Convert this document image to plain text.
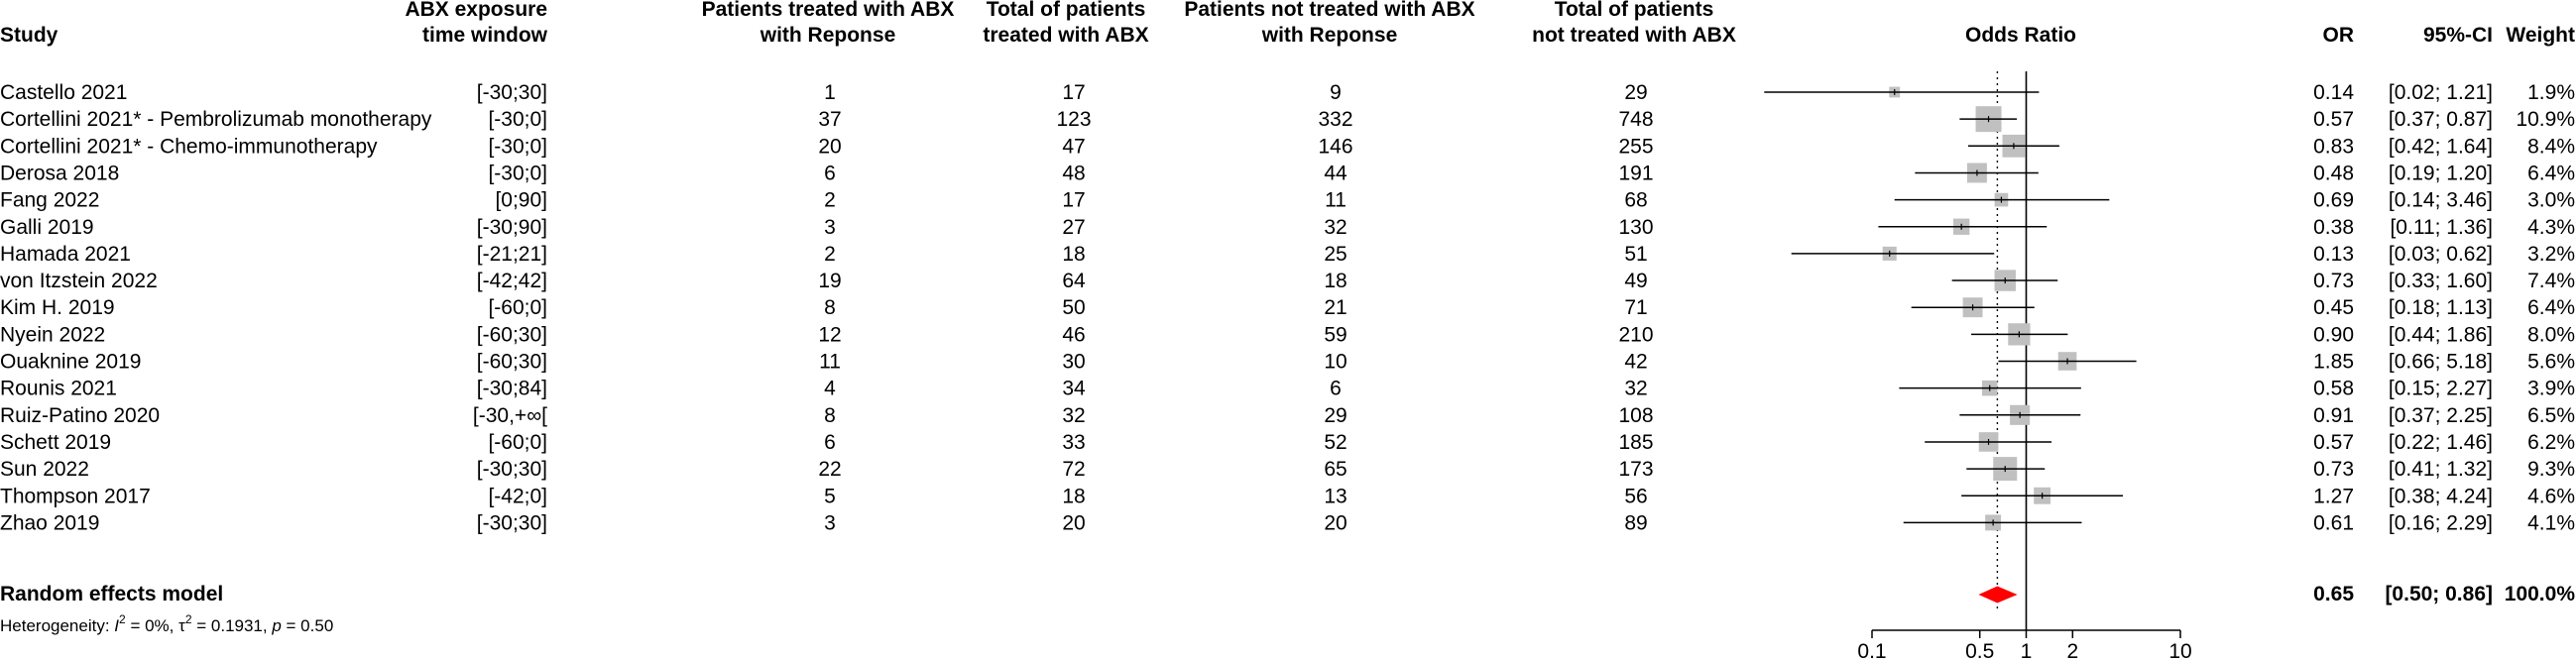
Study
ABX exposure
time window
Patients treated with ABX
with Reponse
Total of patients
treated with ABX
Patients not treated with ABX
with Reponse
Total of patients
not treated with ABX	Odds Ratio	OR	95%-CI Weight
Castello 2021	[-30;30]	1	17	9	29	0.14 [0.02; 1.21] 1.9%
Cortellini 2021* - Pembrolizumab monotherapy	[-30;0]	37	123	332	748	0.57 [0.37; 0.87] 10.9%
Cortellini 2021* - Chemo-immunotherapy	[-30;0]	20	47	146	255	0.83 [0.42; 1.64] 8.4%
Derosa 2018	[-30;0]	6	48	44	191	0.48 [0.19; 1.20] 6.4%
Fang 2022	[0;90]	2	17	11	68	0.69 [0.14; 3.46] 3.0%
Galli 2019	[-30;90]	3	27	32	130	0.38 [0.11; 1.36] 4.3%
Hamada 2021	[-21;21]	2	18	25	51	0.13 [0.03; 0.62] 3.2%
von Itzstein 2022	[-42;42]	19	64	18	49	0.73 [0.33; 1.60] 7.4%
Kim H. 2019	[-60;0]	8	50	21	71	0.45 [0.18; 1.13] 6.4%
Nyein 2022	[-60;30]	12	46	59	210	0.90 [0.44; 1.86] 8.0%
Ouaknine 2019	[-60;30]	11	30	10	42	1.85 [0.66; 5.18] 5.6%
Rounis 2021	[-30;84]	4	34	6	32	0.58 [0.15; 2.27] 3.9%
Ruiz-Patino 2020	[-30,+∞[	8	32	29	108	0.91 [0.37; 2.25] 6.5%
Schett 2019	[-60;0]	6	33	52	185	0.57 [0.22; 1.46] 6.2%
Sun 2022	[-30;30]	22	72	65	173	0.73 [0.41; 1.32] 9.3%
Thompson 2017	[-42;0]	5	18	13	56	1.27 [0.38; 4.24] 4.6%
Zhao 2019	[-30;30]	3	20	20	89	0.61 [0.16; 2.29] 4.1%
0.1	0.5 1 2	10
Random effects model	0.65 [0.50; 0.86] 100.0%
Heterogeneity: $I^2 = 0\%$, $\tau^2 = 0.1931$, p = 0.50
